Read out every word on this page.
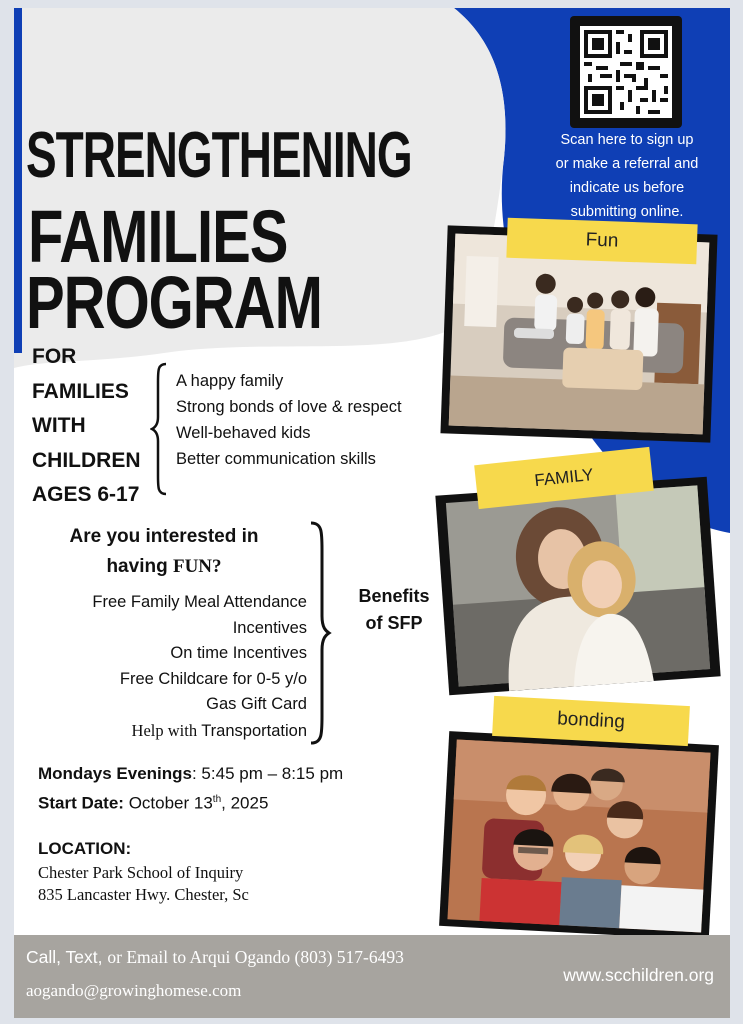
STRENGTHENING
FAMILIES
PROGRAM
Scan here to sign up
or make a referral and
indicate us before
submitting online.
Fun
FAMILY
bonding
FOR
FAMILIES
WITH
CHILDREN
AGES 6-17
A happy family
Strong bonds of love & respect
Well-behaved kids
Better communication skills
Are you interested in
having FUN?
Free Family Meal Attendance
Incentives
On time Incentives
Free Childcare for 0-5 y/o
Gas Gift Card
Help with Transportation
Benefits
of SFP
Mondays Evenings: 5:45 pm – 8:15 pm
Start Date: October 13th, 2025
LOCATION:
Chester Park School of Inquiry
835 Lancaster Hwy. Chester, Sc
Call, Text, or Email to Arqui Ogando (803) 517-6493
aogando@growinghomese.com
www.scchildren.org
